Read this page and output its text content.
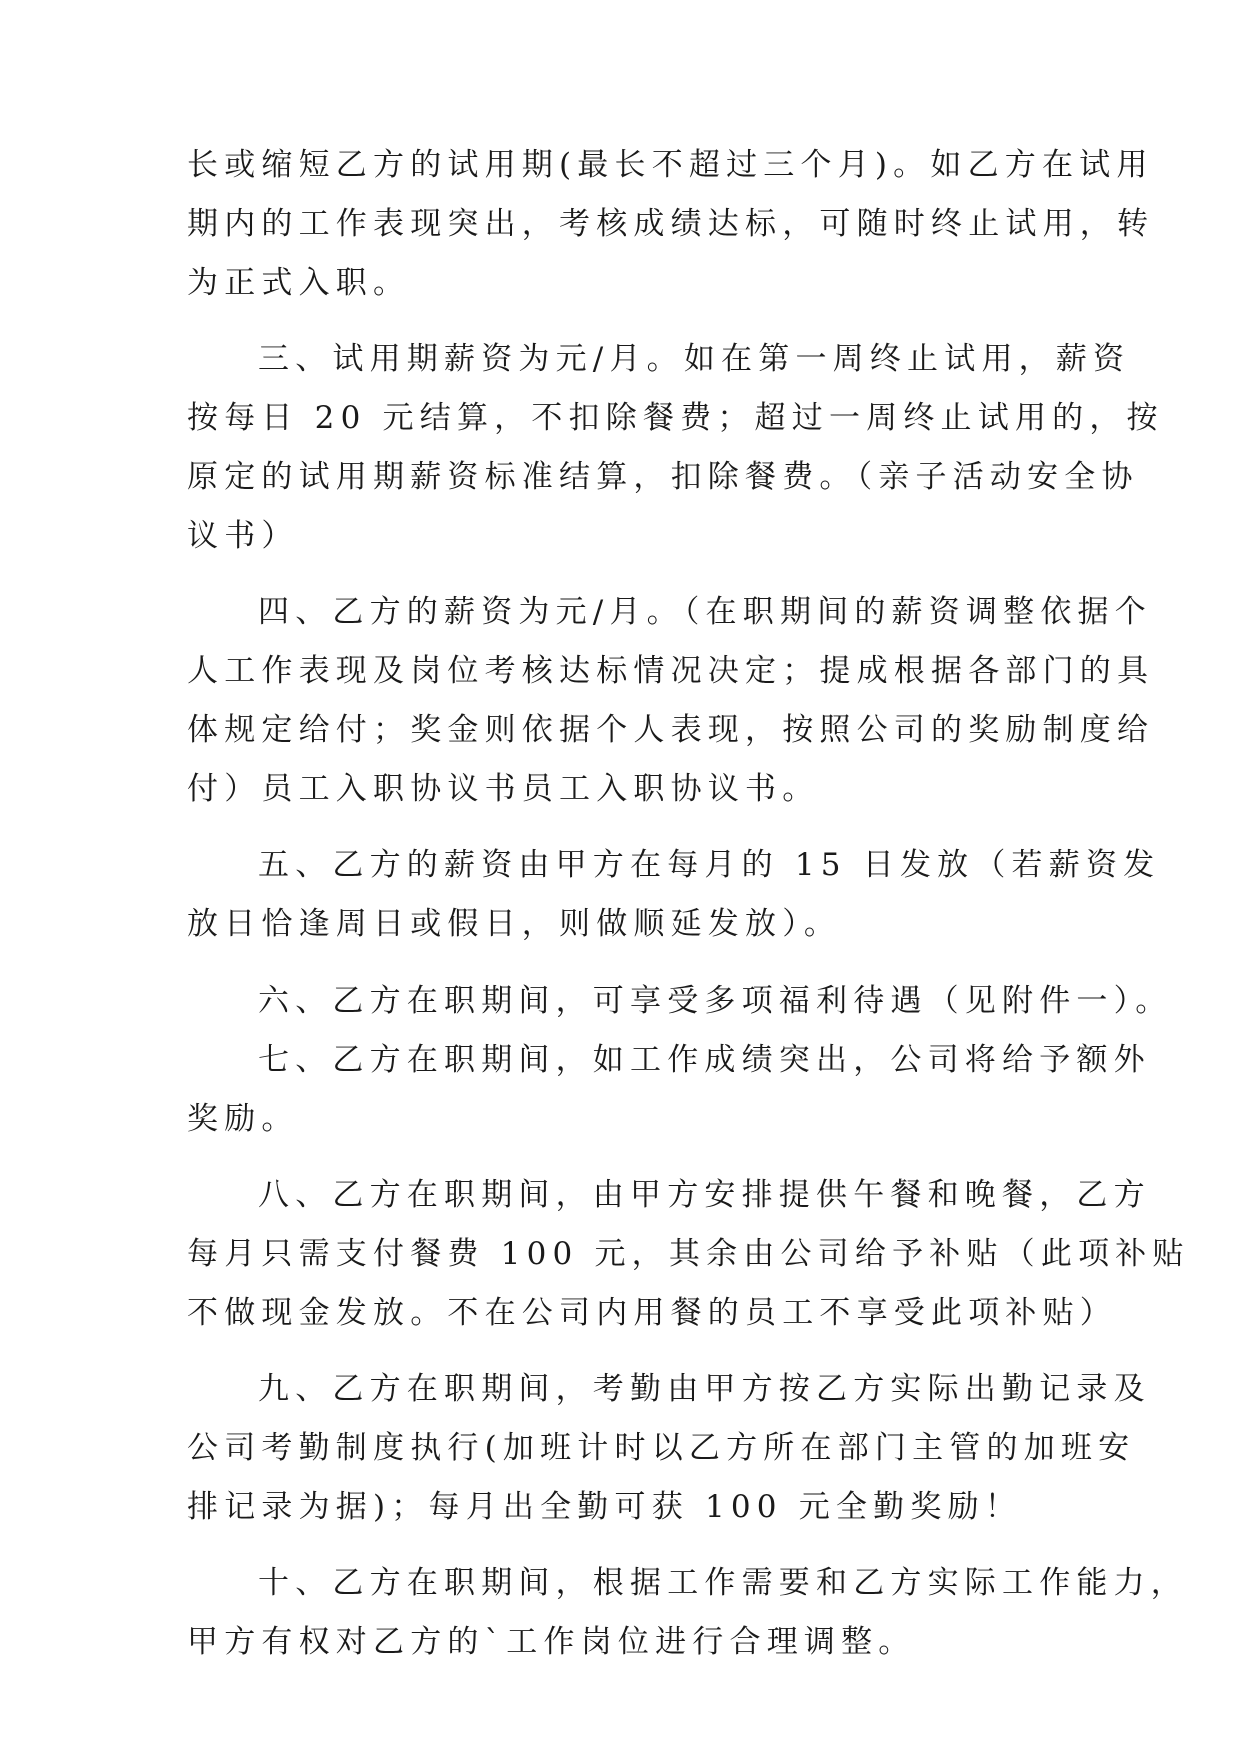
长或缩短乙方的试用期(最长不超过三个月)。如乙方在试用
期内的工作表现突出，考核成绩达标，可随时终止试用，转
为正式入职。
三、试用期薪资为元/月。如在第一周终止试用，薪资
按每日 20 元结算，不扣除餐费；超过一周终止试用的，按
原定的试用期薪资标准结算，扣除餐费。（亲子活动安全协
议书）
四、乙方的薪资为元/月。（在职期间的薪资调整依据个
人工作表现及岗位考核达标情况决定；提成根据各部门的具
体规定给付；奖金则依据个人表现，按照公司的奖励制度给
付）员工入职协议书员工入职协议书。
五、乙方的薪资由甲方在每月的 15 日发放（若薪资发
放日恰逢周日或假日，则做顺延发放）。
六、乙方在职期间，可享受多项福利待遇（见附件一）。
七、乙方在职期间，如工作成绩突出，公司将给予额外
奖励。
八、乙方在职期间，由甲方安排提供午餐和晚餐，乙方
每月只需支付餐费 100 元，其余由公司给予补贴（此项补贴
不做现金发放。不在公司内用餐的员工不享受此项补贴）
九、乙方在职期间，考勤由甲方按乙方实际出勤记录及
公司考勤制度执行(加班计时以乙方所在部门主管的加班安
排记录为据)；每月出全勤可获 100 元全勤奖励！
十、乙方在职期间，根据工作需要和乙方实际工作能力，
甲方有权对乙方的`工作岗位进行合理调整。
